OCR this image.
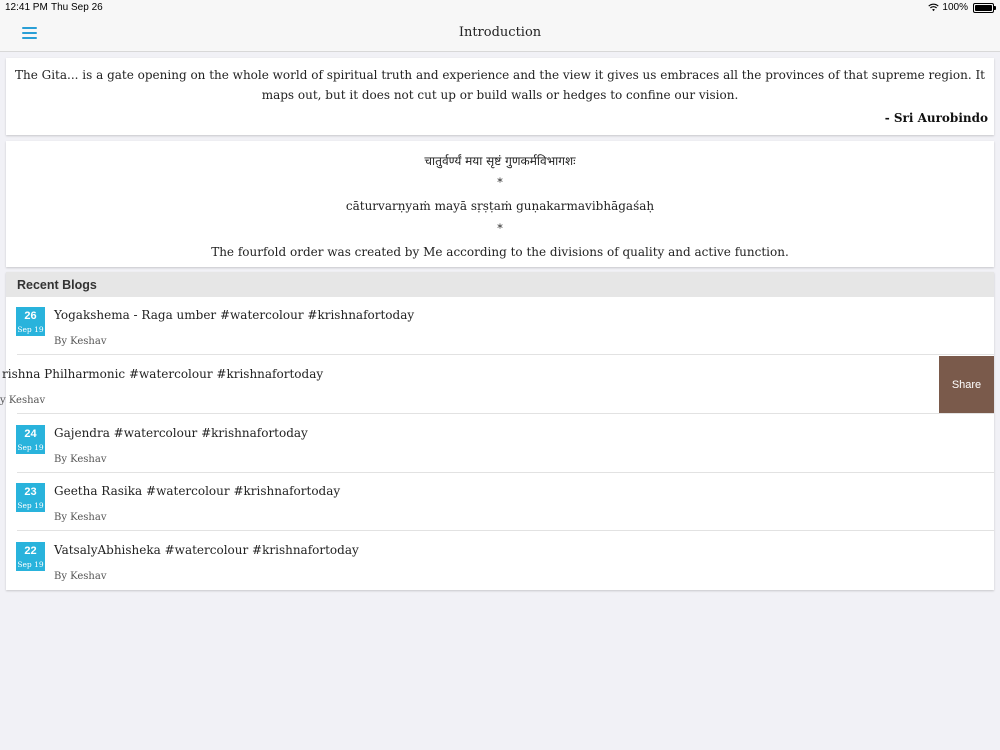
12:41 PM Thu Sep 26	100%
Introduction
The Gita... is a gate opening on the whole world of spiritual truth and experience and the view it gives us embraces all the provinces of that supreme region. It maps out, but it does not cut up or build walls or hedges to confine our vision.
- Sri Aurobindo
चातुर्वर्ण्यं मया सृष्टं गुणकर्मविभागशः
*
cāturvarṇyaṁ mayā sṛṣṭaṁ guṇakarmavibhāgaśaḥ
*
The fourfold order was created by Me according to the divisions of quality and active function.
Recent Blogs
26
Sep 19
Yogakshema - Raga umber #watercolour #krishnafortoday
By Keshav
rishna Philharmonic #watercolour #krishnafortoday
y Keshav
Share
24
Sep 19
Gajendra #watercolour #krishnafortoday
By Keshav
23
Sep 19
Geetha Rasika #watercolour #krishnafortoday
By Keshav
22
Sep 19
VatsalyAbhisheka #watercolour #krishnafortoday
By Keshav
